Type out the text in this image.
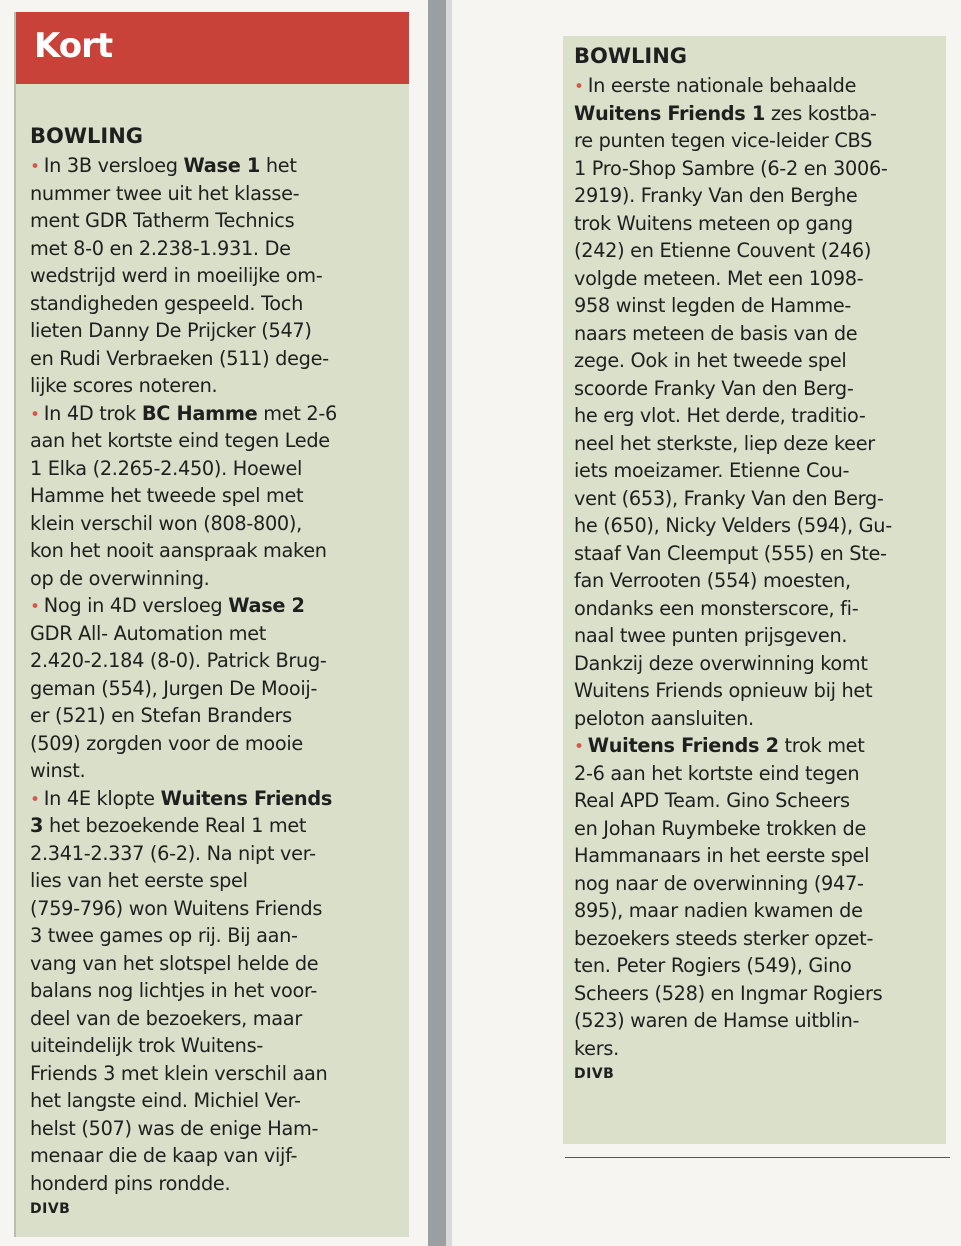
Kort
BOWLING
• In 3B versloeg Wase 1 het
nummer twee uit het klasse-
ment GDR Tatherm Technics
met 8-0 en 2.238-1.931. De
wedstrijd werd in moeilijke om-
standigheden gespeeld. Toch
lieten Danny De Prijcker (547)
en Rudi Verbraeken (511) dege-
lijke scores noteren.
• In 4D trok BC Hamme met 2-6
aan het kortste eind tegen Lede
1 Elka (2.265-2.450). Hoewel
Hamme het tweede spel met
klein verschil won (808-800),
kon het nooit aanspraak maken
op de overwinning.
• Nog in 4D versloeg Wase 2
GDR All- Automation met
2.420-2.184 (8-0). Patrick Brug-
geman (554), Jurgen De Mooij-
er (521) en Stefan Branders
(509) zorgden voor de mooie
winst.
• In 4E klopte Wuitens Friends
3 het bezoekende Real 1 met
2.341-2.337 (6-2). Na nipt ver-
lies van het eerste spel
(759-796) won Wuitens Friends
3 twee games op rij. Bij aan-
vang van het slotspel helde de
balans nog lichtjes in het voor-
deel van de bezoekers, maar
uiteindelijk trok Wuitens-
Friends 3 met klein verschil aan
het langste eind. Michiel Ver-
helst (507) was de enige Ham-
menaar die de kaap van vijf-
honderd pins rondde.
DIVB
BOWLING
• In eerste nationale behaalde
Wuitens Friends 1 zes kostba-
re punten tegen vice-leider CBS
1 Pro-Shop Sambre (6-2 en 3006-
2919). Franky Van den Berghe
trok Wuitens meteen op gang
(242) en Etienne Couvent (246)
volgde meteen. Met een 1098-
958 winst legden de Hamme-
naars meteen de basis van de
zege. Ook in het tweede spel
scoorde Franky Van den Berg-
he erg vlot. Het derde, traditio-
neel het sterkste, liep deze keer
iets moeizamer. Etienne Cou-
vent (653), Franky Van den Berg-
he (650), Nicky Velders (594), Gu-
staaf Van Cleemput (555) en Ste-
fan Verrooten (554) moesten,
ondanks een monsterscore, fi-
naal twee punten prijsgeven.
Dankzij deze overwinning komt
Wuitens Friends opnieuw bij het
peloton aansluiten.
• Wuitens Friends 2 trok met
2-6 aan het kortste eind tegen
Real APD Team. Gino Scheers
en Johan Ruymbeke trokken de
Hammanaars in het eerste spel
nog naar de overwinning (947-
895), maar nadien kwamen de
bezoekers steeds sterker opzet-
ten. Peter Rogiers (549), Gino
Scheers (528) en Ingmar Rogiers
(523) waren de Hamse uitblin-
kers.
DIVB
